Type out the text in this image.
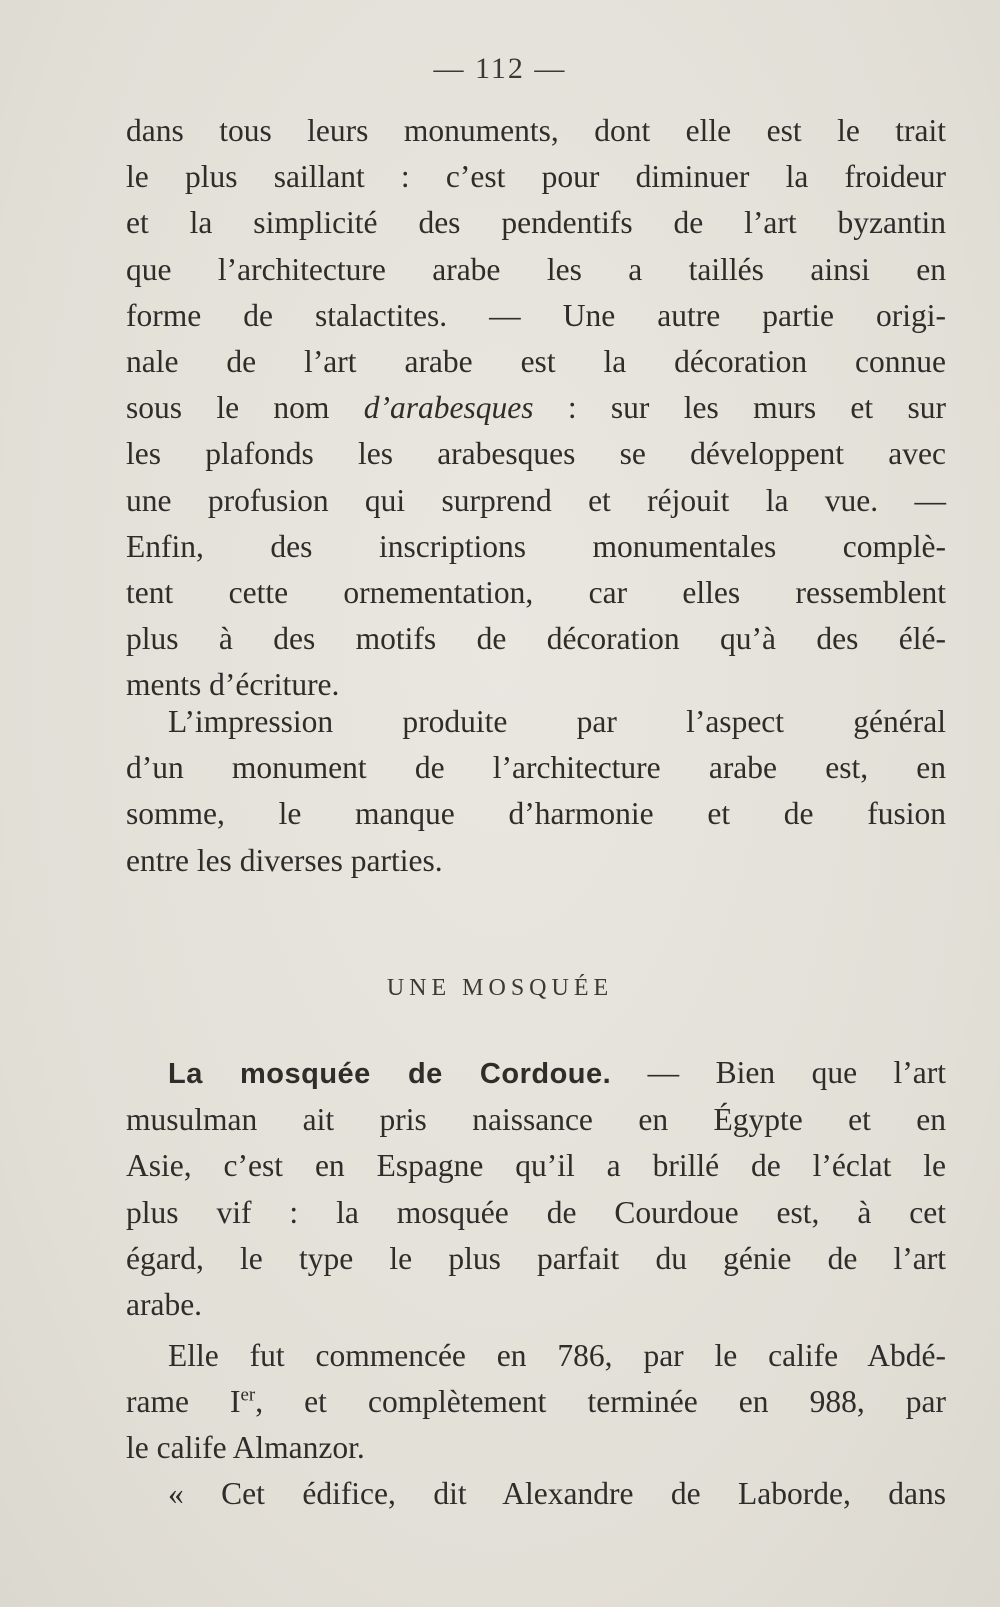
— 112 —
dans tous leurs monuments, dont elle est le trait
le plus saillant : c’est pour diminuer la froideur
et la simplicité des pendentifs de l’art byzantin
que l’architecture arabe les a taillés ainsi en
forme de stalactites. — Une autre partie origi-
nale de l’art arabe est la décoration connue
sous le nom d’arabesques : sur les murs et sur
les plafonds les arabesques se développent avec
une profusion qui surprend et réjouit la vue. —
Enfin, des inscriptions monumentales complè-
tent cette ornementation, car elles ressemblent
plus à des motifs de décoration qu’à des élé-
ments d’écriture.
L’impression produite par l’aspect général
d’un monument de l’architecture arabe est, en
somme, le manque d’harmonie et de fusion
entre les diverses parties.
UNE MOSQUÉE
La mosquée de Cordoue. — Bien que l’art
musulman ait pris naissance en Égypte et en
Asie, c’est en Espagne qu’il a brillé de l’éclat le
plus vif : la mosquée de Courdoue est, à cet
égard, le type le plus parfait du génie de l’art
arabe.
Elle fut commencée en 786, par le calife Abdé-
rame Ier, et complètement terminée en 988, par
le calife Almanzor.
« Cet édifice, dit Alexandre de Laborde, dans
